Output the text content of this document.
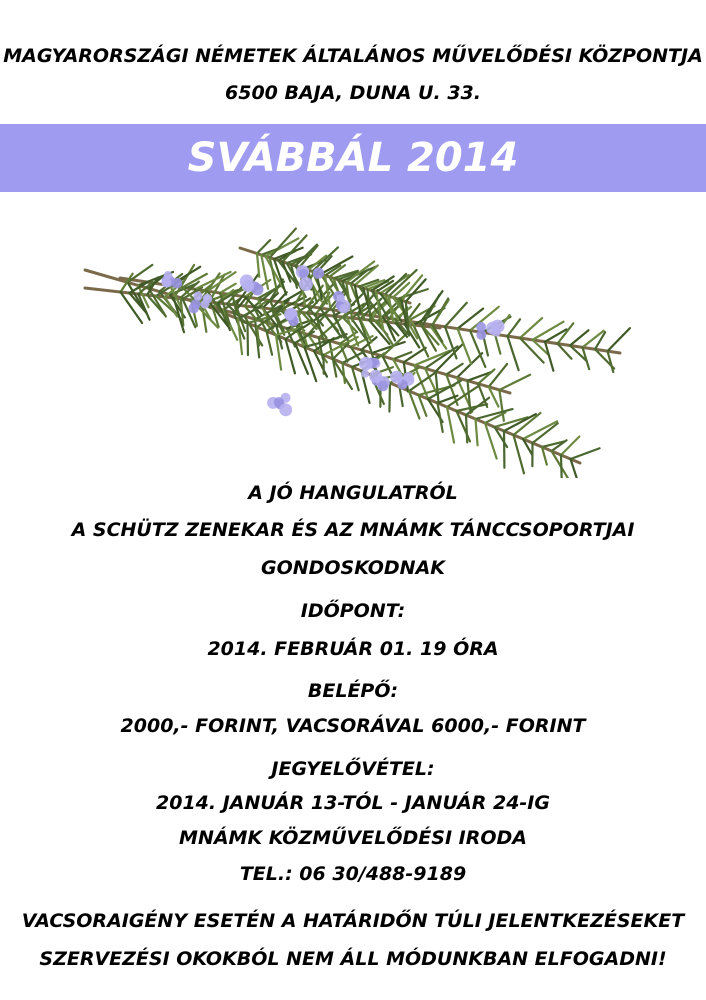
MAGYARORSZÁGI NÉMETEK ÁLTALÁNOS MŰVELŐDÉSI KÖZPONTJA
6500 BAJA, DUNA U. 33.
SVÁBBÁL 2014
A JÓ HANGULATRÓL
A SCHÜTZ ZENEKAR ÉS AZ MNÁMK TÁNCCSOPORTJAI
GONDOSKODNAK
IDŐPONT:
2014. FEBRUÁR 01. 19 ÓRA
BELÉPŐ:
2000,- FORINT, VACSORÁVAL 6000,- FORINT
JEGYELŐVÉTEL:
2014. JANUÁR 13-TÓL - JANUÁR 24-IG
MNÁMK KÖZMŰVELŐDÉSI IRODA
TEL.: 06 30/488-9189
VACSORAIGÉNY ESETÉN A HATÁRIDŐN TÚLI JELENTKEZÉSEKET
SZERVEZÉSI OKOKBÓL NEM ÁLL MÓDUNKBAN ELFOGADNI!
